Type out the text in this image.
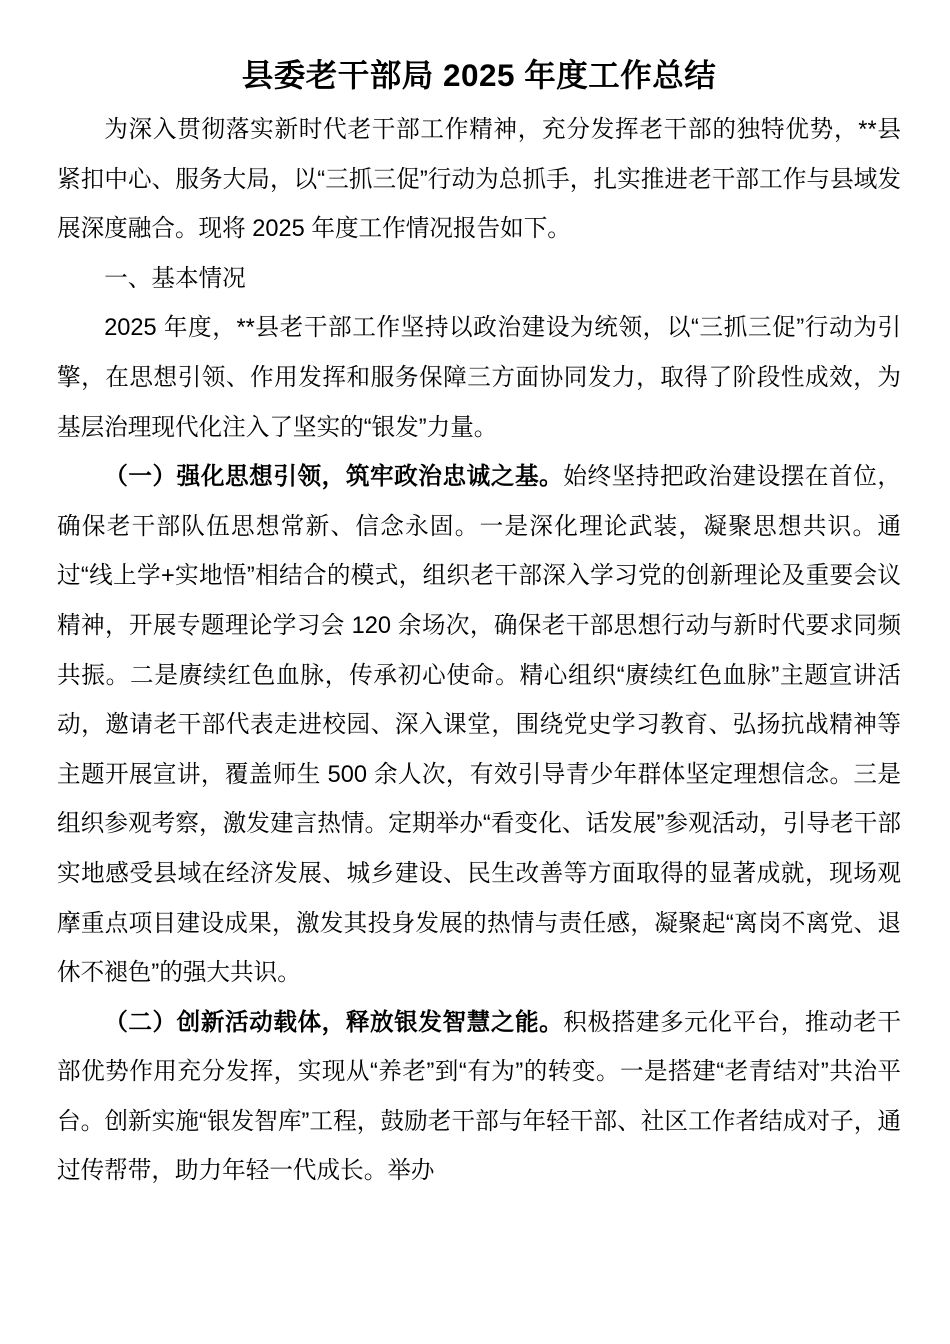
县委老干部局 2025 年度工作总结

为深入贯彻落实新时代老干部工作精神，充分发挥老干部的独特优势，**县紧扣中心、服务大局，以“三抓三促”行动为总抓手，扎实推进老干部工作与县域发展深度融合。现将 2025 年度工作情况报告如下。

一、基本情况

2025 年度，**县老干部工作坚持以政治建设为统领，以“三抓三促”行动为引擎，在思想引领、作用发挥和服务保障三方面协同发力，取得了阶段性成效，为基层治理现代化注入了坚实的“银发”力量。

（一）强化思想引领，筑牢政治忠诚之基。始终坚持把政治建设摆在首位，确保老干部队伍思想常新、信念永固。一是深化理论武装，凝聚思想共识。通过“线上学+实地悟”相结合的模式，组织老干部深入学习党的创新理论及重要会议精神，开展专题理论学习会 120 余场次，确保老干部思想行动与新时代要求同频共振。二是赓续红色血脉，传承初心使命。精心组织“赓续红色血脉”主题宣讲活动，邀请老干部代表走进校园、深入课堂，围绕党史学习教育、弘扬抗战精神等主题开展宣讲，覆盖师生 500 余人次，有效引导青少年群体坚定理想信念。三是组织参观考察，激发建言热情。定期举办“看变化、话发展”参观活动，引导老干部实地感受县域在经济发展、城乡建设、民生改善等方面取得的显著成就，现场观摩重点项目建设成果，激发其投身发展的热情与责任感，凝聚起“离岗不离党、退休不褪色”的强大共识。

（二）创新活动载体，释放银发智慧之能。积极搭建多元化平台，推动老干部优势作用充分发挥，实现从“养老”到“有为”的转变。一是搭建“老青结对”共治平台。创新实施“银发智库”工程，鼓励老干部与年轻干部、社区工作者结成对子，通过传帮带，助力年轻一代成长。举办
